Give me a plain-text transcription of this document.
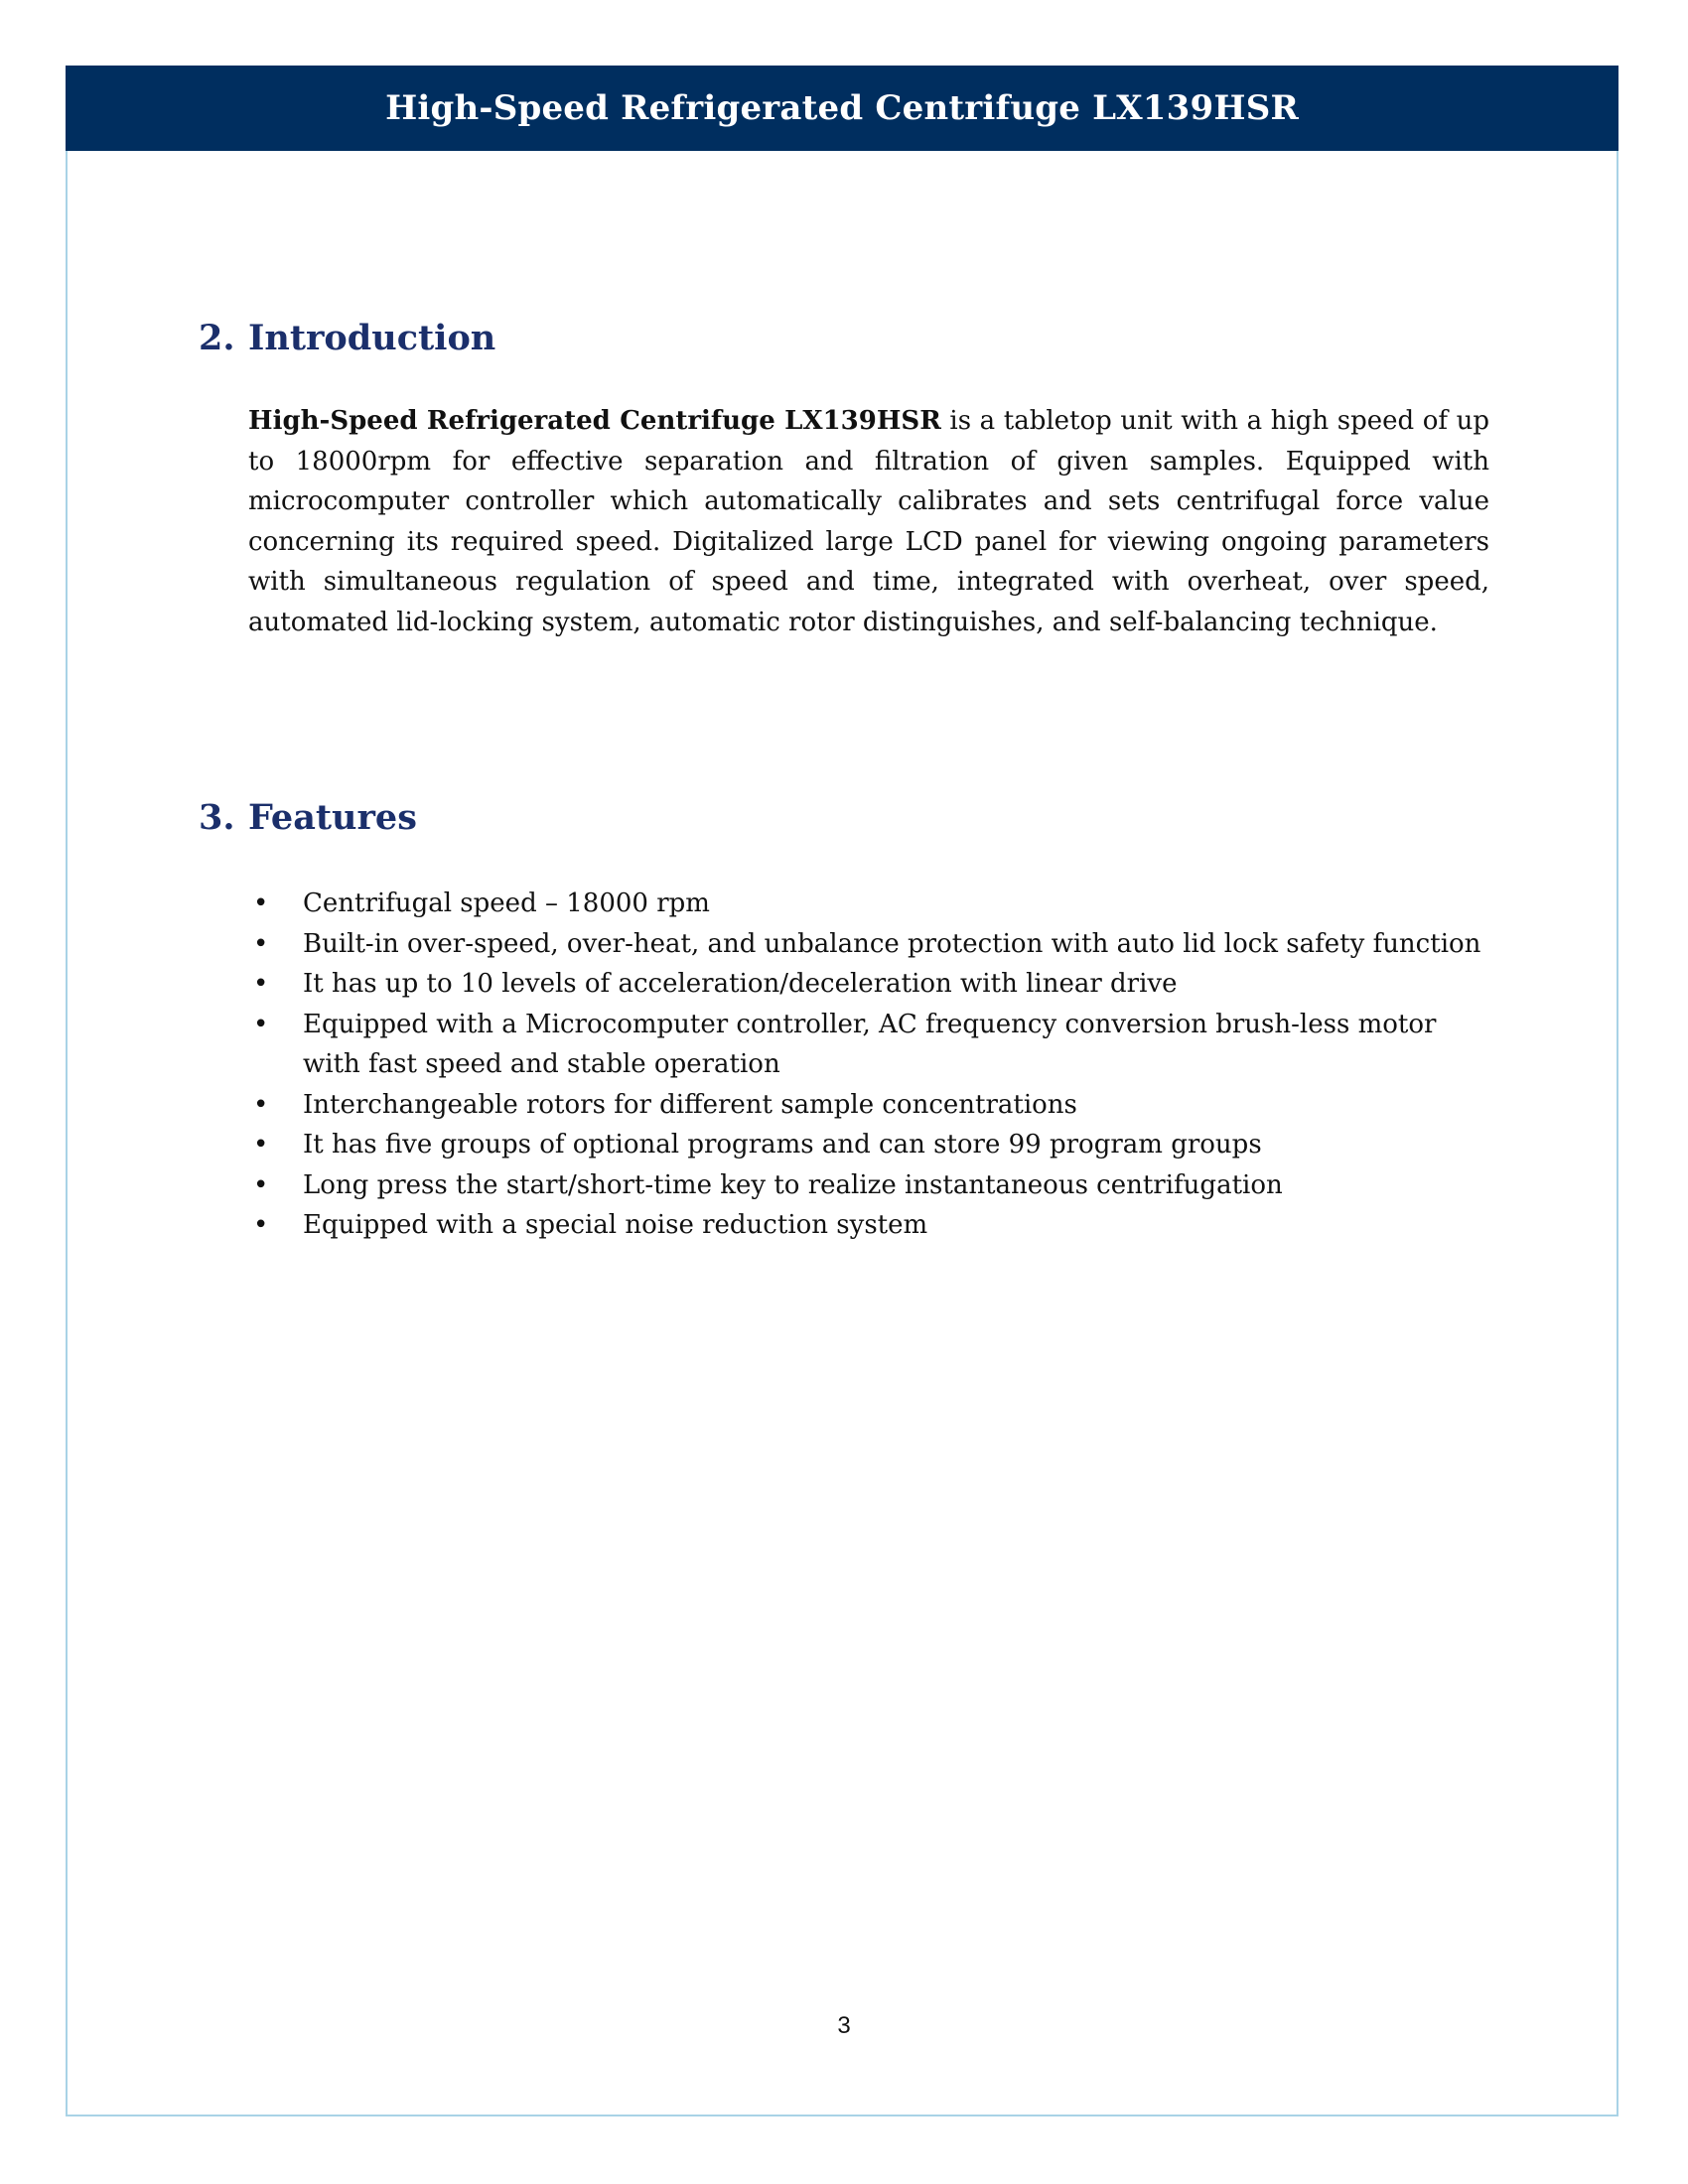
High-Speed Refrigerated Centrifuge LX139HSR
2. Introduction

High-Speed Refrigerated Centrifuge LX139HSR is a tabletop unit with a high speed of up to 18000rpm for effective separation and filtration of given samples. Equipped with microcomputer controller which automatically calibrates and sets centrifugal force value concerning its required speed. Digitalized large LCD panel for viewing ongoing parameters with simultaneous regulation of speed and time, integrated with overheat, over speed, automated lid-locking system, automatic rotor distinguishes, and self-balancing technique.

3. Features
• Centrifugal speed – 18000 rpm
• Built-in over-speed, over-heat, and unbalance protection with auto lid lock safety function
• It has up to 10 levels of acceleration/deceleration with linear drive
• Equipped with a Microcomputer controller, AC frequency conversion brush-less motor with fast speed and stable operation
• Interchangeable rotors for different sample concentrations
• It has five groups of optional programs and can store 99 program groups
• Long press the start/short-time key to realize instantaneous centrifugation
• Equipped with a special noise reduction system
3
